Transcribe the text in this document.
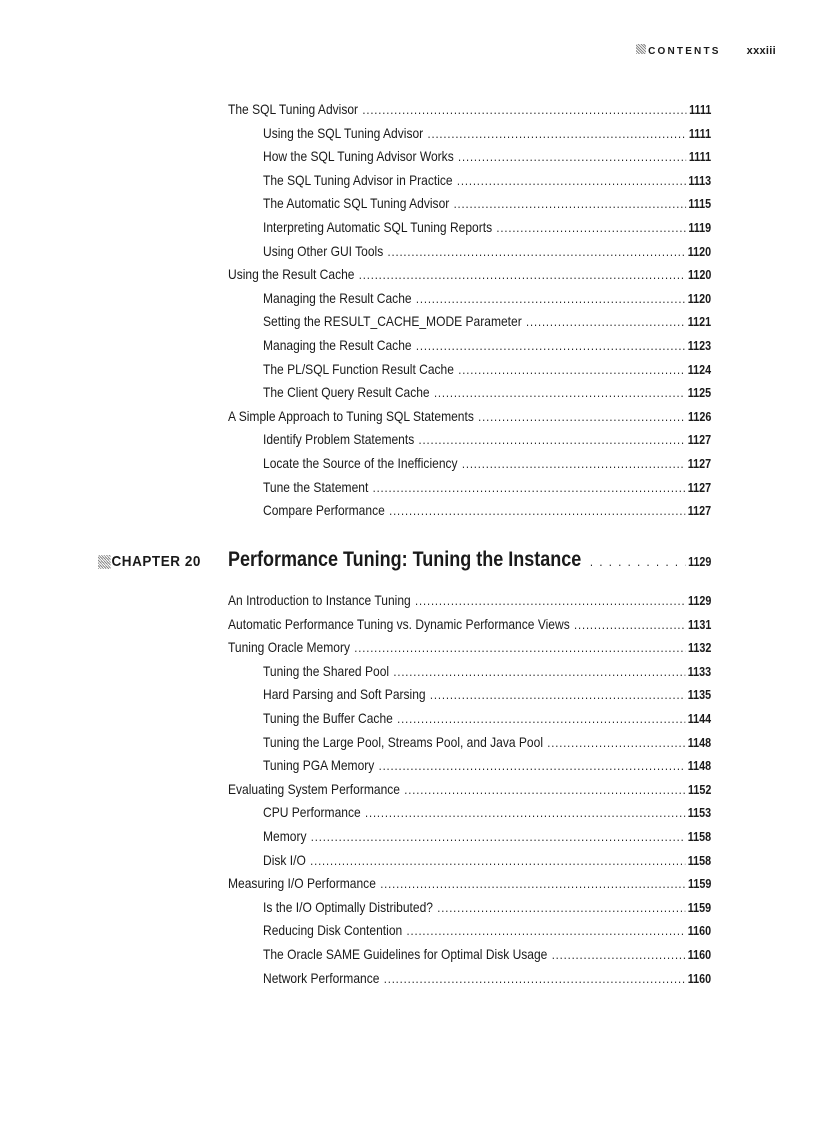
CONTENTS xxxiii
The SQL Tuning Advisor . . .	1111
Using the SQL Tuning Advisor . . .	1111
How the SQL Tuning Advisor Works . . .	1111
The SQL Tuning Advisor in Practice . . .	1113
The Automatic SQL Tuning Advisor . . .	1115
Interpreting Automatic SQL Tuning Reports . . .	1119
Using Other GUI Tools . . .	1120
Using the Result Cache . . .	1120
Managing the Result Cache . . .	1120
Setting the RESULT_CACHE_MODE Parameter . . .	1121
Managing the Result Cache . . .	1123
The PL/SQL Function Result Cache . . .	1124
The Client Query Result Cache . . .	1125
A Simple Approach to Tuning SQL Statements . . .	1126
Identify Problem Statements . . .	1127
Locate the Source of the Inefficiency . . .	1127
Tune the Statement . . .	1127
Compare Performance . . .	1127
CHAPTER 20 Performance Tuning: Tuning the Instance . . .	1129
An Introduction to Instance Tuning . . .	1129
Automatic Performance Tuning vs. Dynamic Performance Views . . .	1131
Tuning Oracle Memory . . .	1132
Tuning the Shared Pool . . .	1133
Hard Parsing and Soft Parsing . . .	1135
Tuning the Buffer Cache . . .	1144
Tuning the Large Pool, Streams Pool, and Java Pool . . .	1148
Tuning PGA Memory . . .	1148
Evaluating System Performance . . .	1152
CPU Performance . . .	1153
Memory . . .	1158
Disk I/O . . .	1158
Measuring I/O Performance . . .	1159
Is the I/O Optimally Distributed? . . .	1159
Reducing Disk Contention . . .	1160
The Oracle SAME Guidelines for Optimal Disk Usage . . .	1160
Network Performance . . .	1160
